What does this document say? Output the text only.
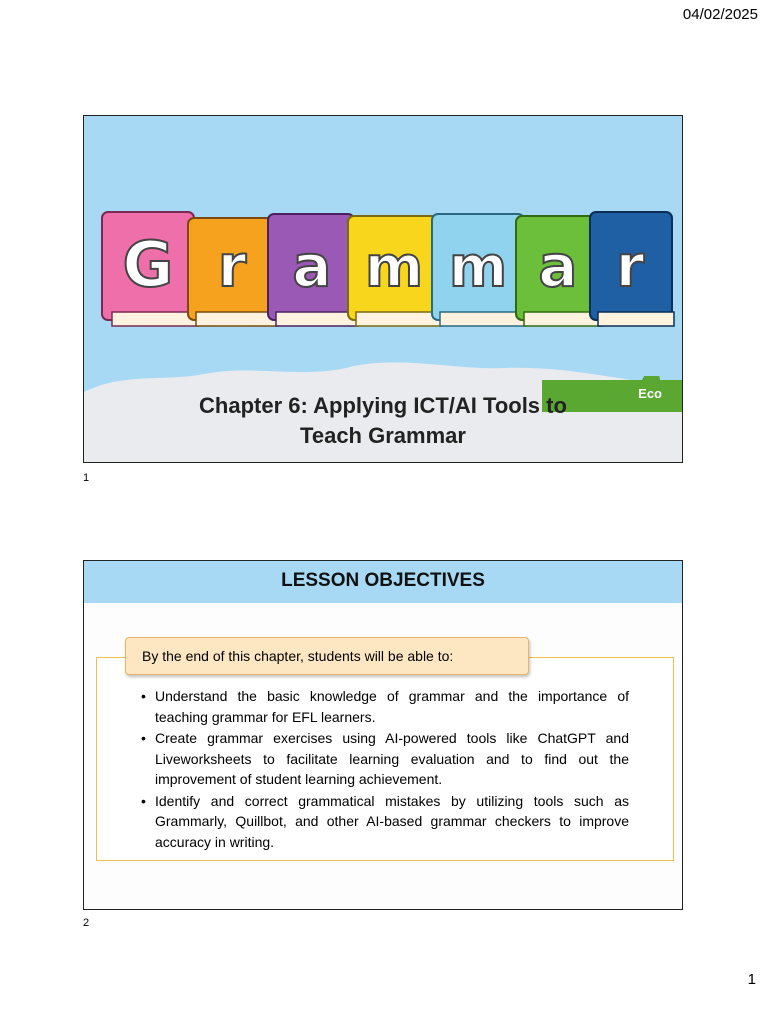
04/02/2025
Eco
G r a m m a r
Chapter 6: Applying ICT/AI Tools to
Teach Grammar
1
LESSON OBJECTIVES
By the end of this chapter, students will be able to:
• Understand the basic knowledge of grammar and the importance of teaching grammar for EFL learners.
• Create grammar exercises using AI-powered tools like ChatGPT and Liveworksheets to facilitate learning evaluation and to find out the improvement of student learning achievement.
• Identify and correct grammatical mistakes by utilizing tools such as Grammarly, Quillbot, and other AI-based grammar checkers to improve accuracy in writing.
2
1
